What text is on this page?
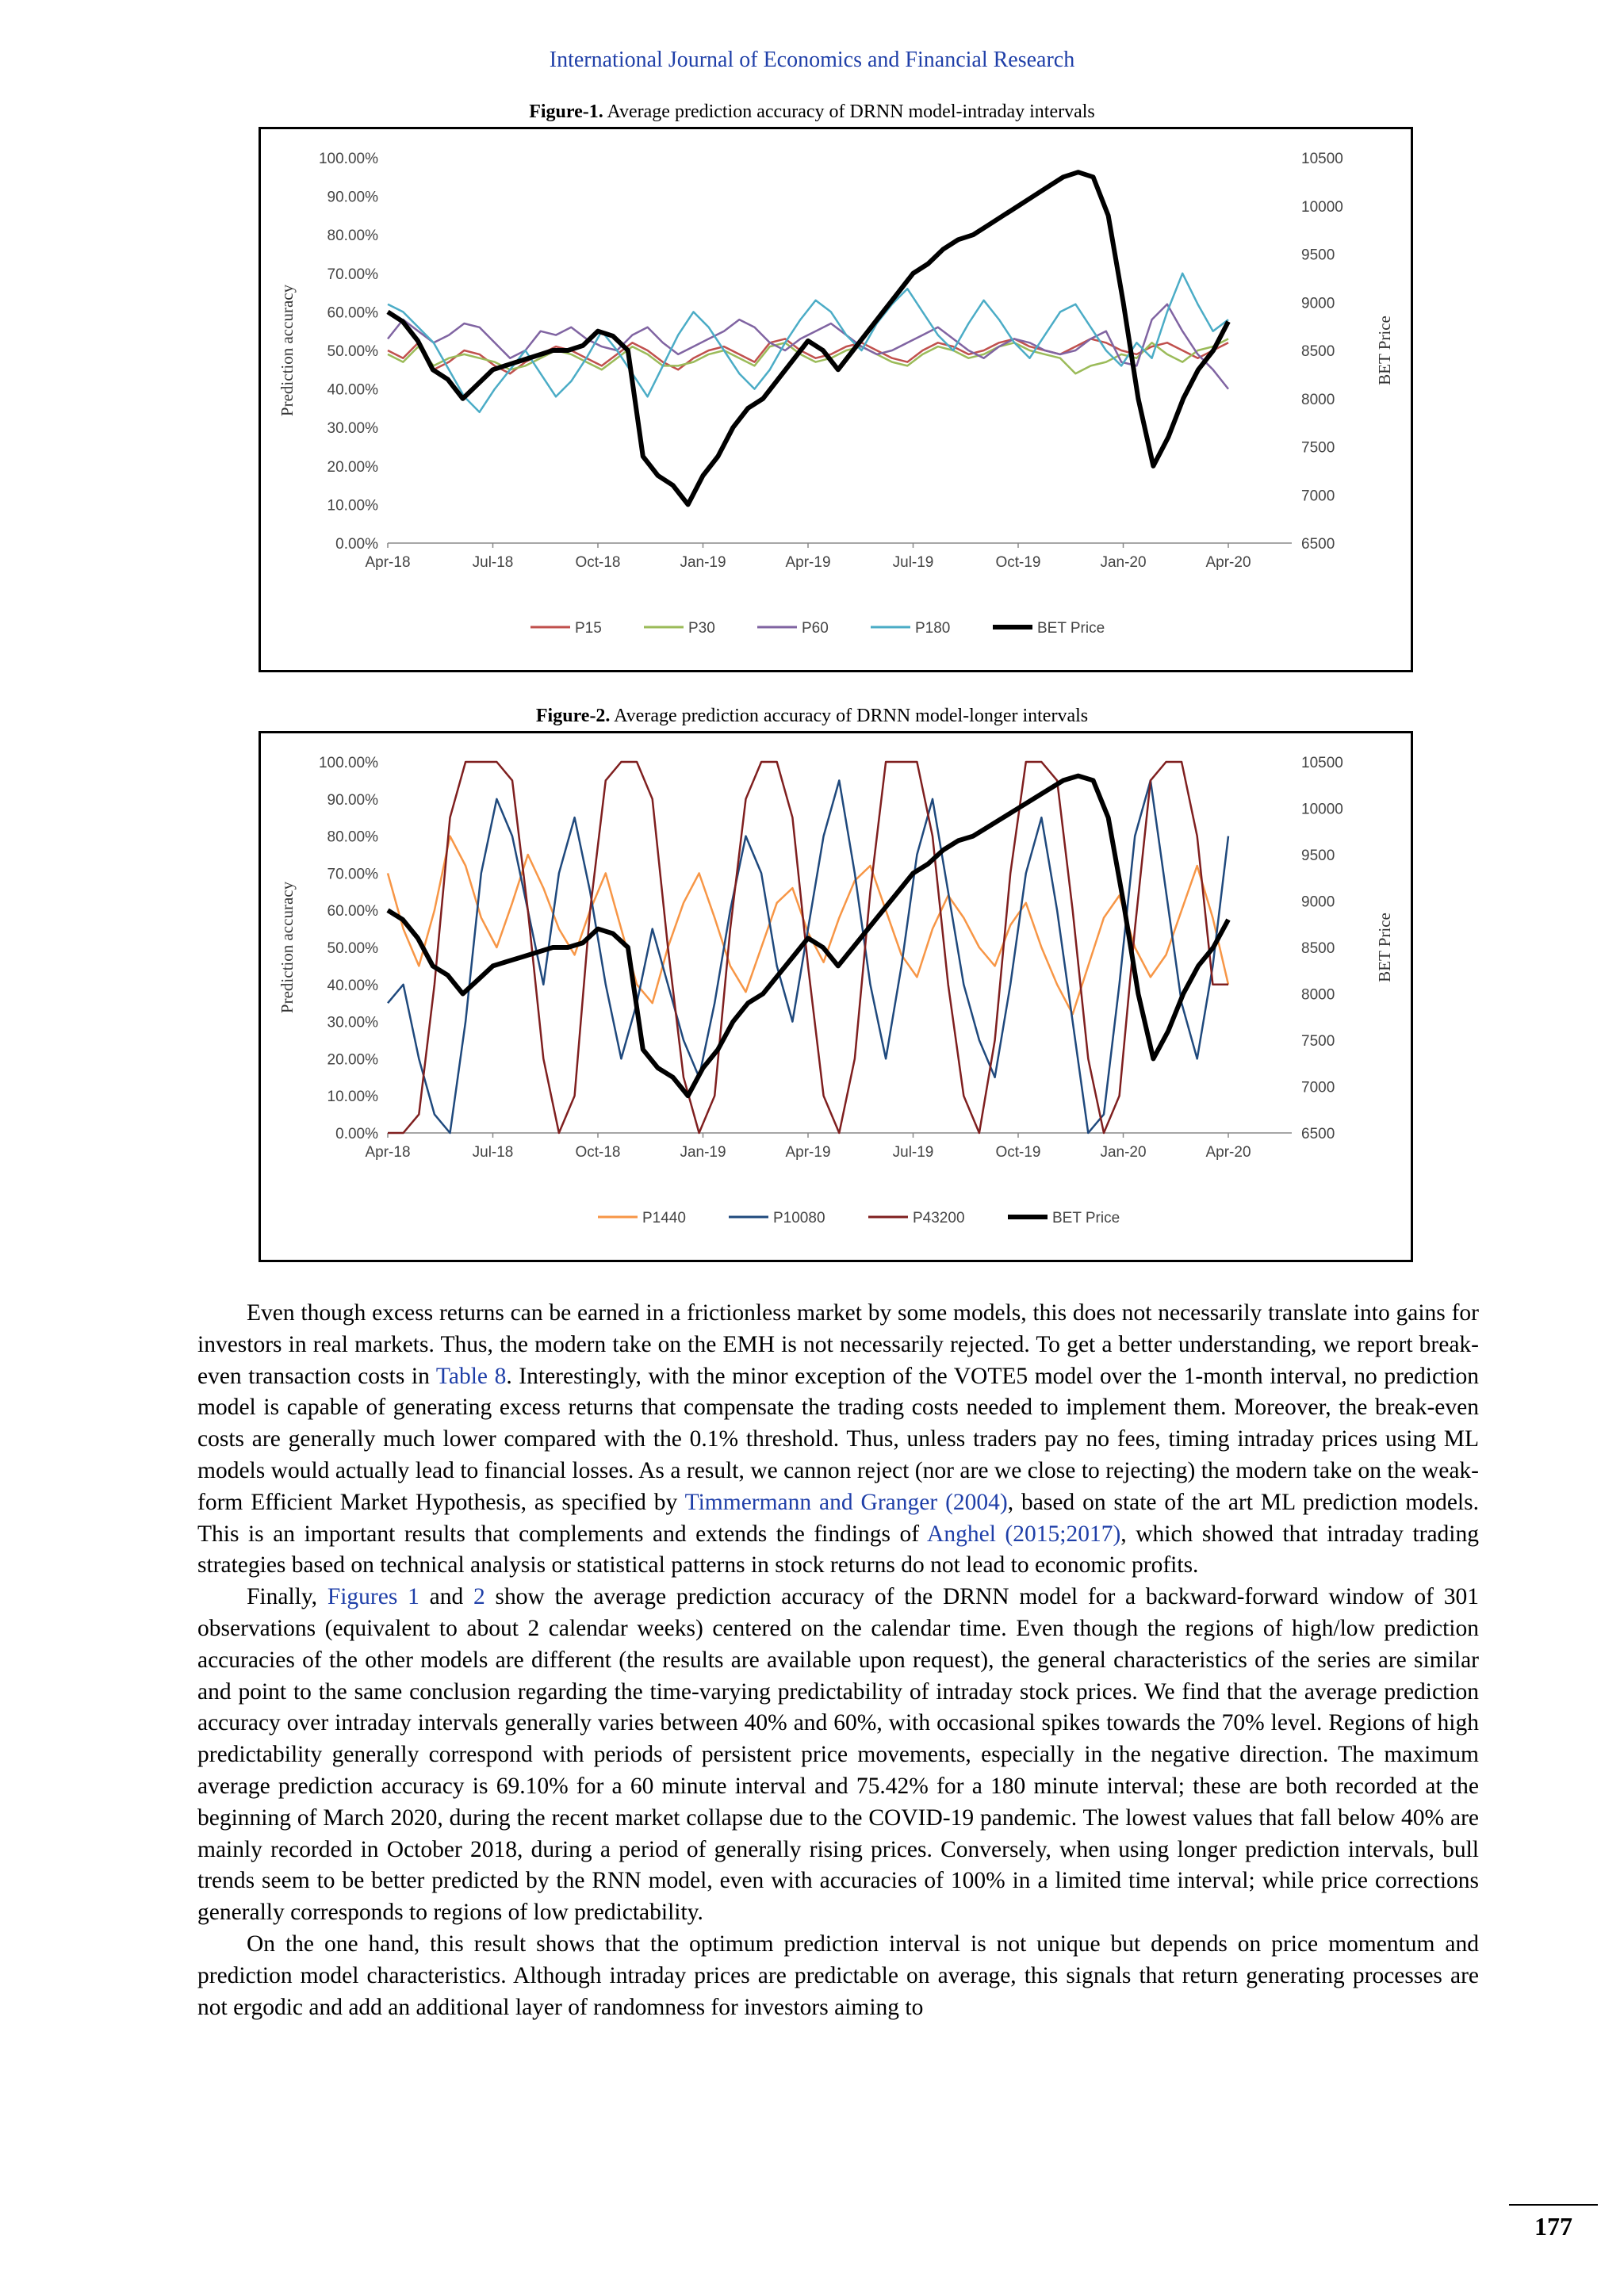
International Journal of Economics and Financial Research
Figure-1. Average prediction accuracy of DRNN model-intraday intervals
0.00%
10.00%
20.00%
30.00%
40.00%
50.00%
60.00%
70.00%
80.00%
90.00%
100.00%
6500
7000
7500
8000
8500
9000
9500
10000
10500
Apr-18	Jul-18	Oct-18	Jan-19	Apr-19	Jul-19	Oct-19	Jan-20	Apr-20
Prediction accuracy	BET Price
P15	P30	P60	P180	BET Price
Figure-2. Average prediction accuracy of DRNN model-longer intervals
0.00%
10.00%
20.00%
30.00%
40.00%
50.00%
60.00%
70.00%
80.00%
90.00%
100.00%
6500
7000
7500
8000
8500
9000
9500
10000
10500
Apr-18	Jul-18	Oct-18	Jan-19	Apr-19	Jul-19	Oct-19	Jan-20	Apr-20
Prediction accuracy	BET Price
P1440	P10080	P43200	BET Price

Even though excess returns can be earned in a frictionless market by some models, this does not necessarily translate into gains for investors in real markets. Thus, the modern take on the EMH is not necessarily rejected. To get a better understanding, we report break-even transaction costs in Table 8. Interestingly, with the minor exception of the VOTE5 model over the 1-month interval, no prediction model is capable of generating excess returns that compensate the trading costs needed to implement them. Moreover, the break-even costs are generally much lower compared with the 0.1% threshold. Thus, unless traders pay no fees, timing intraday prices using ML models would actually lead to financial losses. As a result, we cannon reject (nor are we close to rejecting) the modern take on the weak-form Efficient Market Hypothesis, as specified by Timmermann and Granger (2004), based on state of the art ML prediction models. This is an important results that complements and extends the findings of Anghel (2015;2017), which showed that intraday trading strategies based on technical analysis or statistical patterns in stock returns do not lead to economic profits.

Finally, Figures 1 and 2 show the average prediction accuracy of the DRNN model for a backward-forward window of 301 observations (equivalent to about 2 calendar weeks) centered on the calendar time. Even though the regions of high/low prediction accuracies of the other models are different (the results are available upon request), the general characteristics of the series are similar and point to the same conclusion regarding the time-varying predictability of intraday stock prices. We find that the average prediction accuracy over intraday intervals generally varies between 40% and 60%, with occasional spikes towards the 70% level. Regions of high predictability generally correspond with periods of persistent price movements, especially in the negative direction. The maximum average prediction accuracy is 69.10% for a 60 minute interval and 75.42% for a 180 minute interval; these are both recorded at the beginning of March 2020, during the recent market collapse due to the COVID-19 pandemic. The lowest values that fall below 40% are mainly recorded in October 2018, during a period of generally rising prices. Conversely, when using longer prediction intervals, bull trends seem to be better predicted by the RNN model, even with accuracies of 100% in a limited time interval; while price corrections generally corresponds to regions of low predictability.

On the one hand, this result shows that the optimum prediction interval is not unique but depends on price momentum and prediction model characteristics. Although intraday prices are predictable on average, this signals that return generating processes are not ergodic and add an additional layer of randomness for investors aiming to

177
